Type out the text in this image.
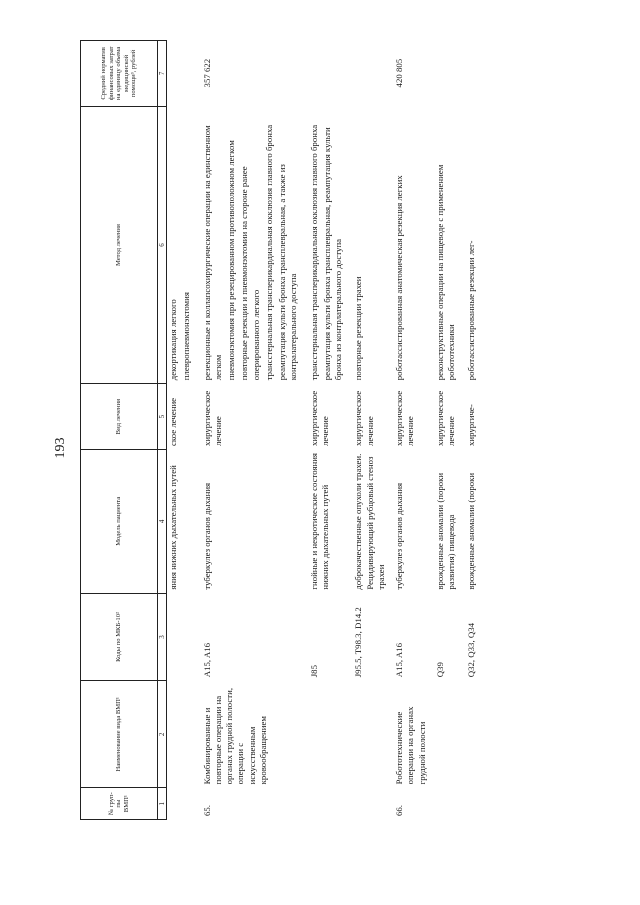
193
№ груп-пы ВМП¹	Наименование вида ВМП¹	Коды по МКБ-10²	Модель пациента	Вид лечения	Метод лечения	Средний норматив финансовых затрат на единицу объема медицинской помощи³, рублей
1	2	3	4	5	6	7
			яния нижних дыхательных путей	ское лечение	декортикация легкого плевропневмонэктомия	

65.	Комбинированные и повторные операции на органах грудной полости, операции с искусственным кровообращением	A15, A16	туберкулез органов дыхания	хирургическое лечение	резекционные и коллапсохирургические операции на единственном легком пневмонэктомия при резецированном противоположном легком повторные резекции и пневмонэктомии на стороне ранее оперированного легкого трансстернальная трансперикардиальная окклюзия главного бронха реампутация культи бронха трансплевральная, а также из контралатерального доступа	357 622
		J85	гнойные и некротические состояния нижних дыхательных путей	хирургическое лечение	трансстернальная трансперикардиальная окклюзия главного бронха реампутация культи бронха трансплевральная, реампутация культи бронха из контрлатерального доступа	

		J95.5, T98.3, D14.2	доброкачественные опухоли трахеи. Рецидивирующий рубцовый стеноз трахеи	хирургическое лечение	повторные резекции трахеи	

66.	Робототехнические операции на органах грудной полости	A15, A16	туберкулез органов дыхания	хирургическое лечение	роботассистированная анатомическая резекция легких	420 805
		Q39	врожденные аномалии (пороки развития) пищевода	хирургическое лечение	реконструктивные операции на пищеводе с применением робототехники	

		Q32, Q33, Q34	врожденные аномалии (пороки	хирургиче-	роботассистированные резекции лег-	
